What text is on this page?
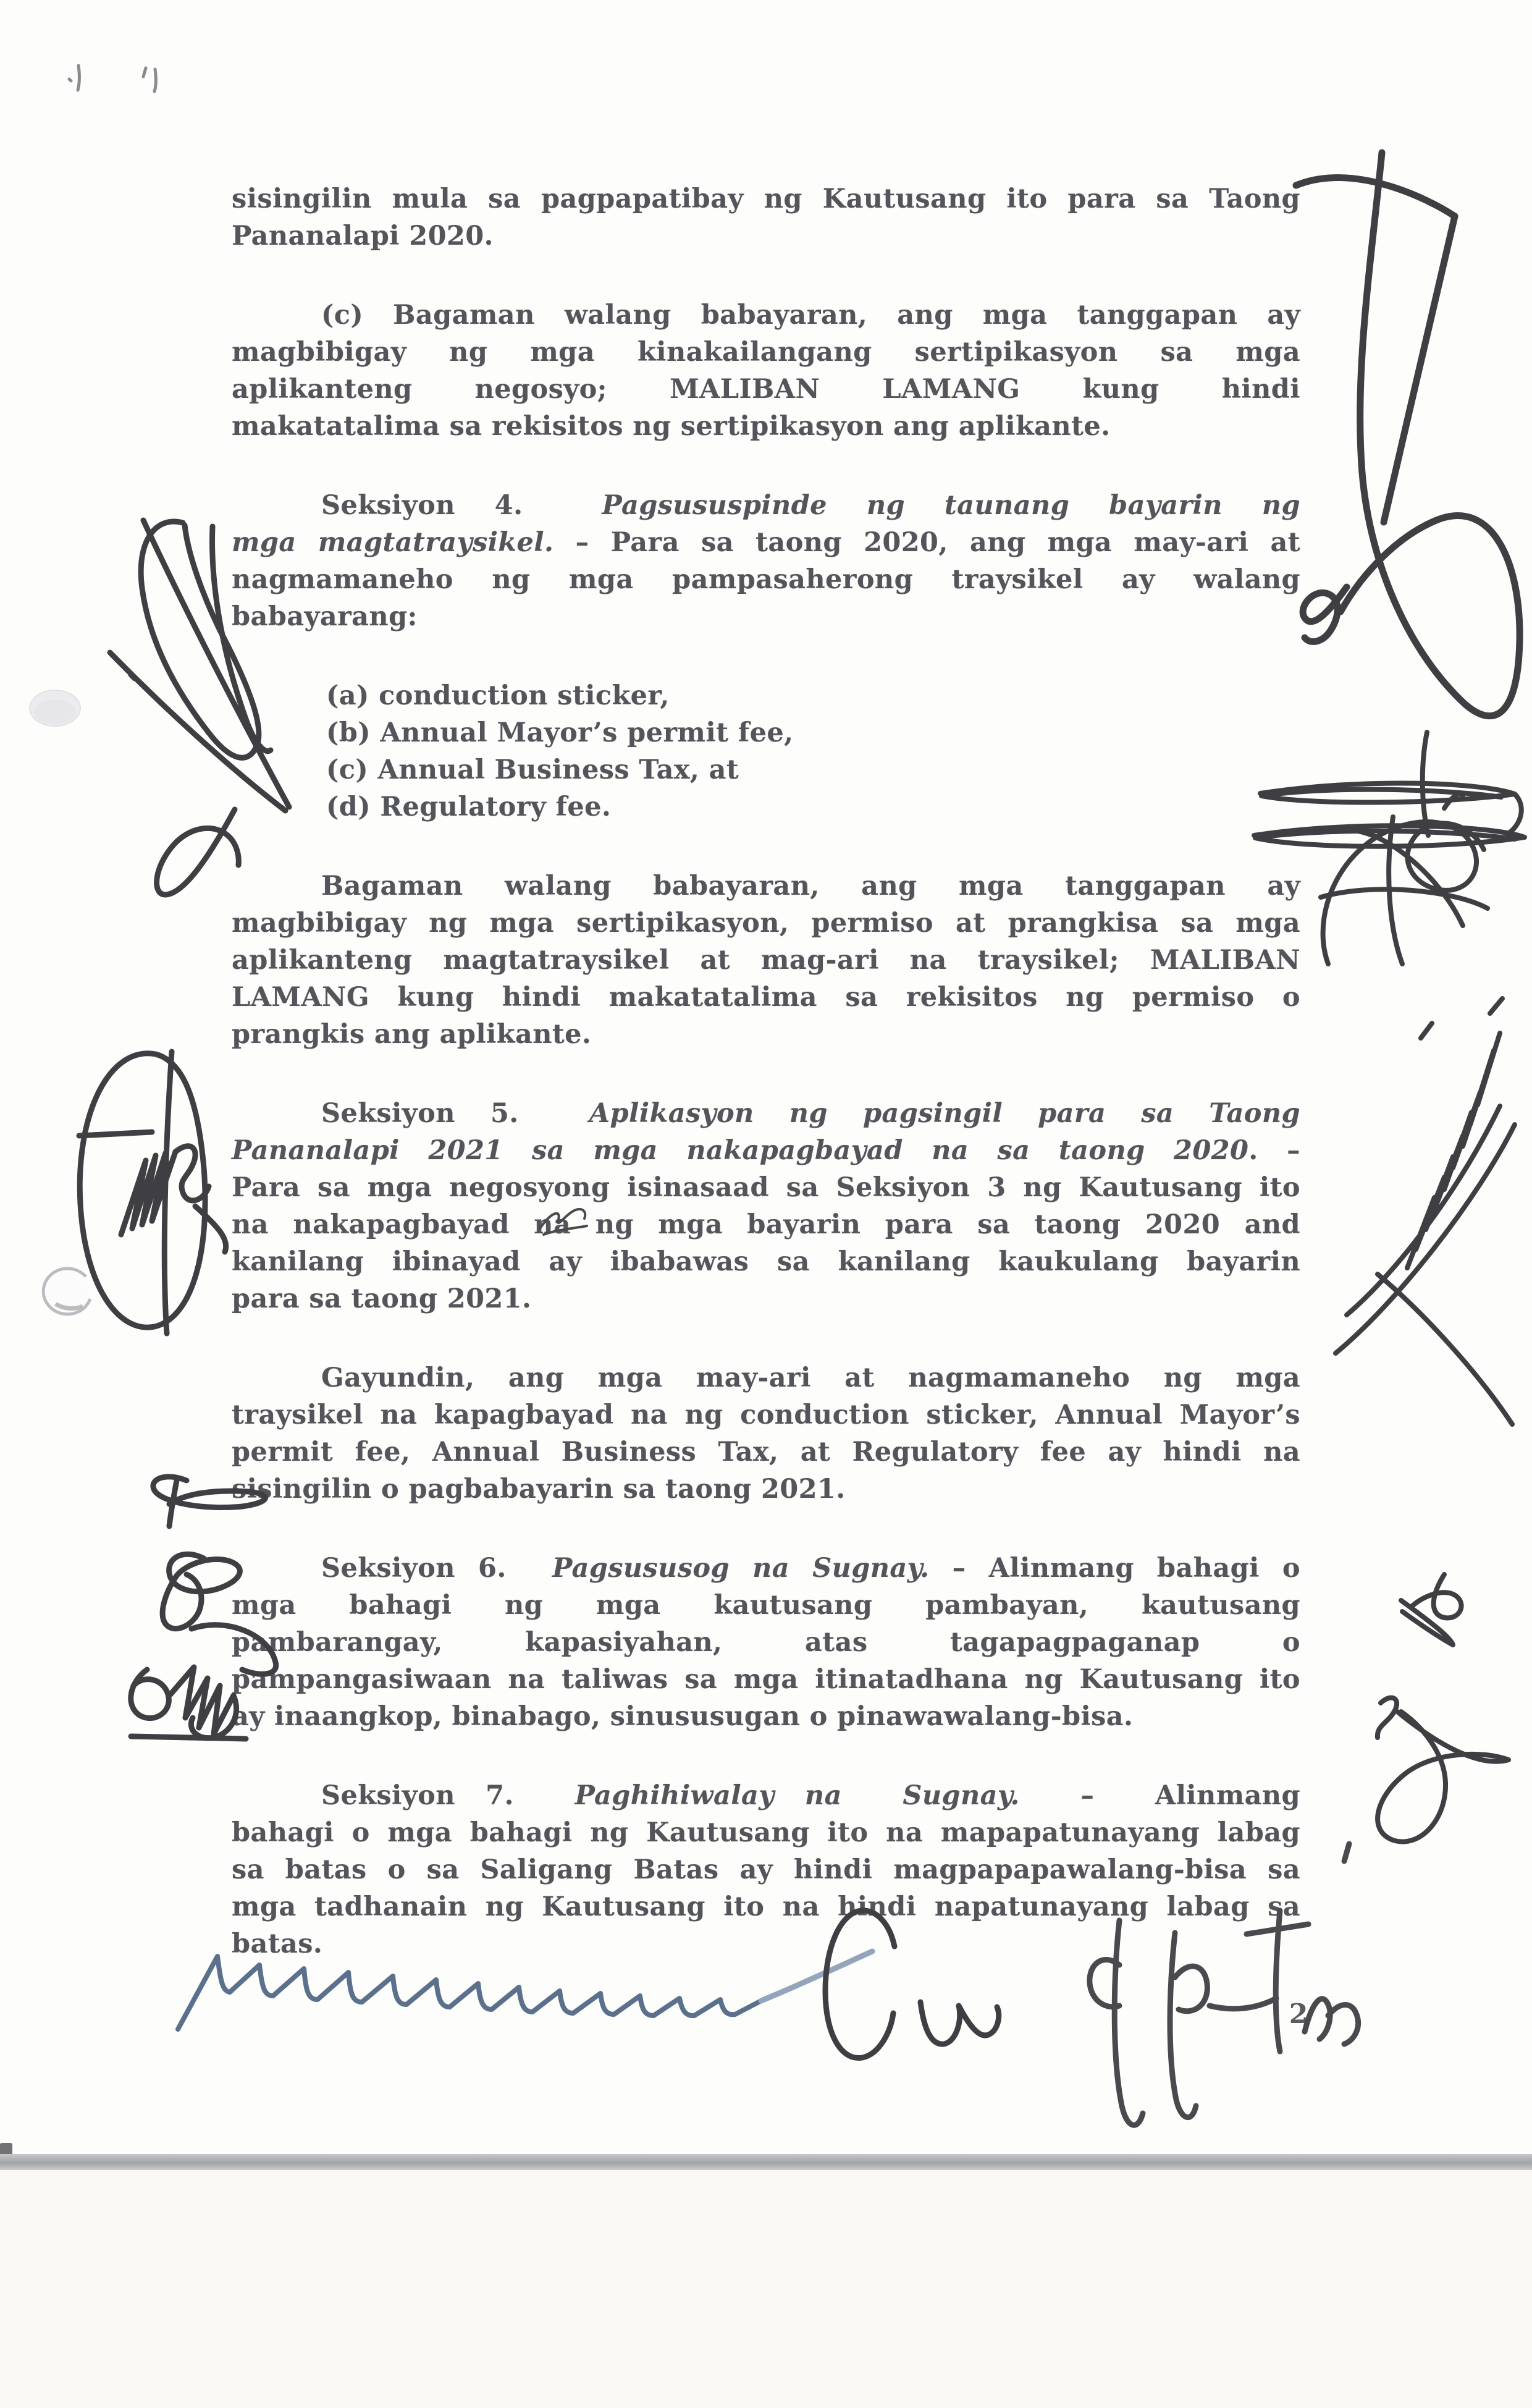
sisingilin mula sa pagpapatibay ng Kautusang ito para sa Taong
Pananalapi 2020.
(c) Bagaman walang babayaran, ang mga tanggapan ay
magbibigay ng mga kinakailangang sertipikasyon sa mga
aplikanteng negosyo; MALIBAN LAMANG kung hindi
makatatalima sa rekisitos ng sertipikasyon ang aplikante.
Seksiyon 4.  Pagsususpinde ng taunang bayarin ng
mga magtatraysikel. – Para sa taong 2020, ang mga may-ari at
nagmamaneho ng mga pampasaherong traysikel ay walang
babayarang:
(a) conduction sticker,
(b) Annual Mayor’s permit fee,
(c) Annual Business Tax, at
(d) Regulatory fee.
Bagaman walang babayaran, ang mga tanggapan ay
magbibigay ng mga sertipikasyon, permiso at prangkisa sa mga
aplikanteng magtatraysikel at mag-ari na traysikel; MALIBAN
LAMANG kung hindi makatatalima sa rekisitos ng permiso o
prangkis ang aplikante.
Seksiyon 5.  Aplikasyon ng pagsingil para sa Taong
Pananalapi 2021 sa mga nakapagbayad na sa taong 2020. –
Para sa mga negosyong isinasaad sa Seksiyon 3 ng Kautusang ito
na nakapagbayad na ng mga bayarin para sa taong 2020 and
kanilang ibinayad ay ibabawas sa kanilang kaukulang bayarin
para sa taong 2021.
Gayundin, ang mga may-ari at nagmamaneho ng mga
traysikel na kapagbayad na ng conduction sticker, Annual Mayor’s
permit fee, Annual Business Tax, at Regulatory fee ay hindi na
sisingilin o pagbabayarin sa taong 2021.
Seksiyon 6.  Pagsususog na Sugnay. – Alinmang bahagi o
mga bahagi ng mga kautusang pambayan, kautusang
pambarangay, kapasiyahan, atas tagapagpaganap o
pampangasiwaan na taliwas sa mga itinatadhana ng Kautusang ito
ay inaangkop, binabago, sinususugan o pinawawalang-bisa.
Seksiyon 7.  Paghihiwalay na  Sugnay.  –  Alinmang
bahagi o mga bahagi ng Kautusang ito na mapapatunayang labag
sa batas o sa Saligang Batas ay hindi magpapapawalang-bisa sa
mga tadhanain ng Kautusang ito na hindi napatunayang labag sa
batas.
2
